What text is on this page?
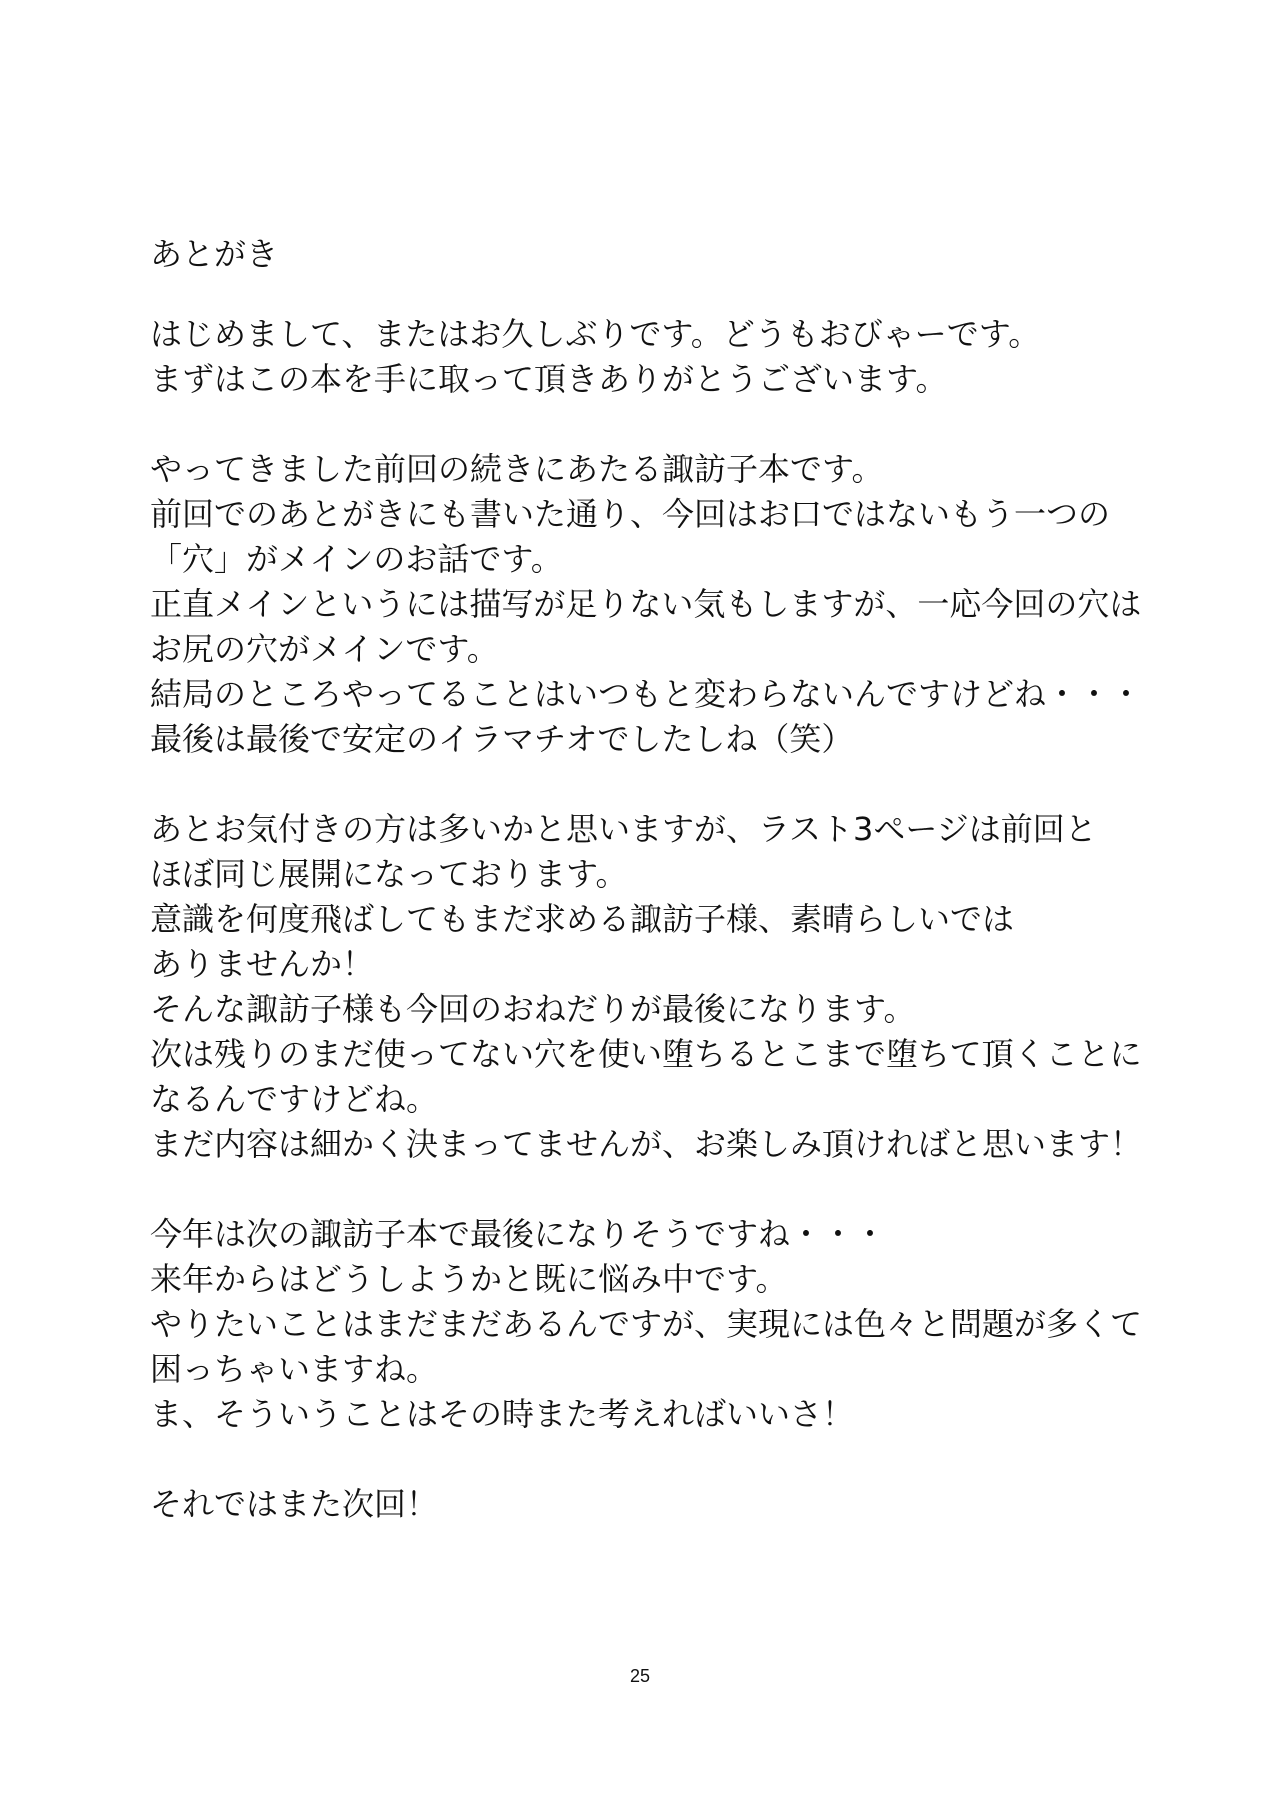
あとがき

はじめまして、またはお久しぶりです。どうもおびゃーです。
まずはこの本を手に取って頂きありがとうございます。

やってきました前回の続きにあたる諏訪子本です。
前回でのあとがきにも書いた通り、今回はお口ではないもう一つの
「穴」がメインのお話です。
正直メインというには描写が足りない気もしますが、一応今回の穴は
お尻の穴がメインです。
結局のところやってることはいつもと変わらないんですけどね・・・
最後は最後で安定のイラマチオでしたしね（笑）

あとお気付きの方は多いかと思いますが、ラスト3ページは前回と
ほぼ同じ展開になっております。
意識を何度飛ばしてもまだ求める諏訪子様、素晴らしいでは
ありませんか！
そんな諏訪子様も今回のおねだりが最後になります。
次は残りのまだ使ってない穴を使い堕ちるとこまで堕ちて頂くことに
なるんですけどね。
まだ内容は細かく決まってませんが、お楽しみ頂ければと思います！

今年は次の諏訪子本で最後になりそうですね・・・
来年からはどうしようかと既に悩み中です。
やりたいことはまだまだあるんですが、実現には色々と問題が多くて
困っちゃいますね。
ま、そういうことはその時また考えればいいさ！

それではまた次回！

25
